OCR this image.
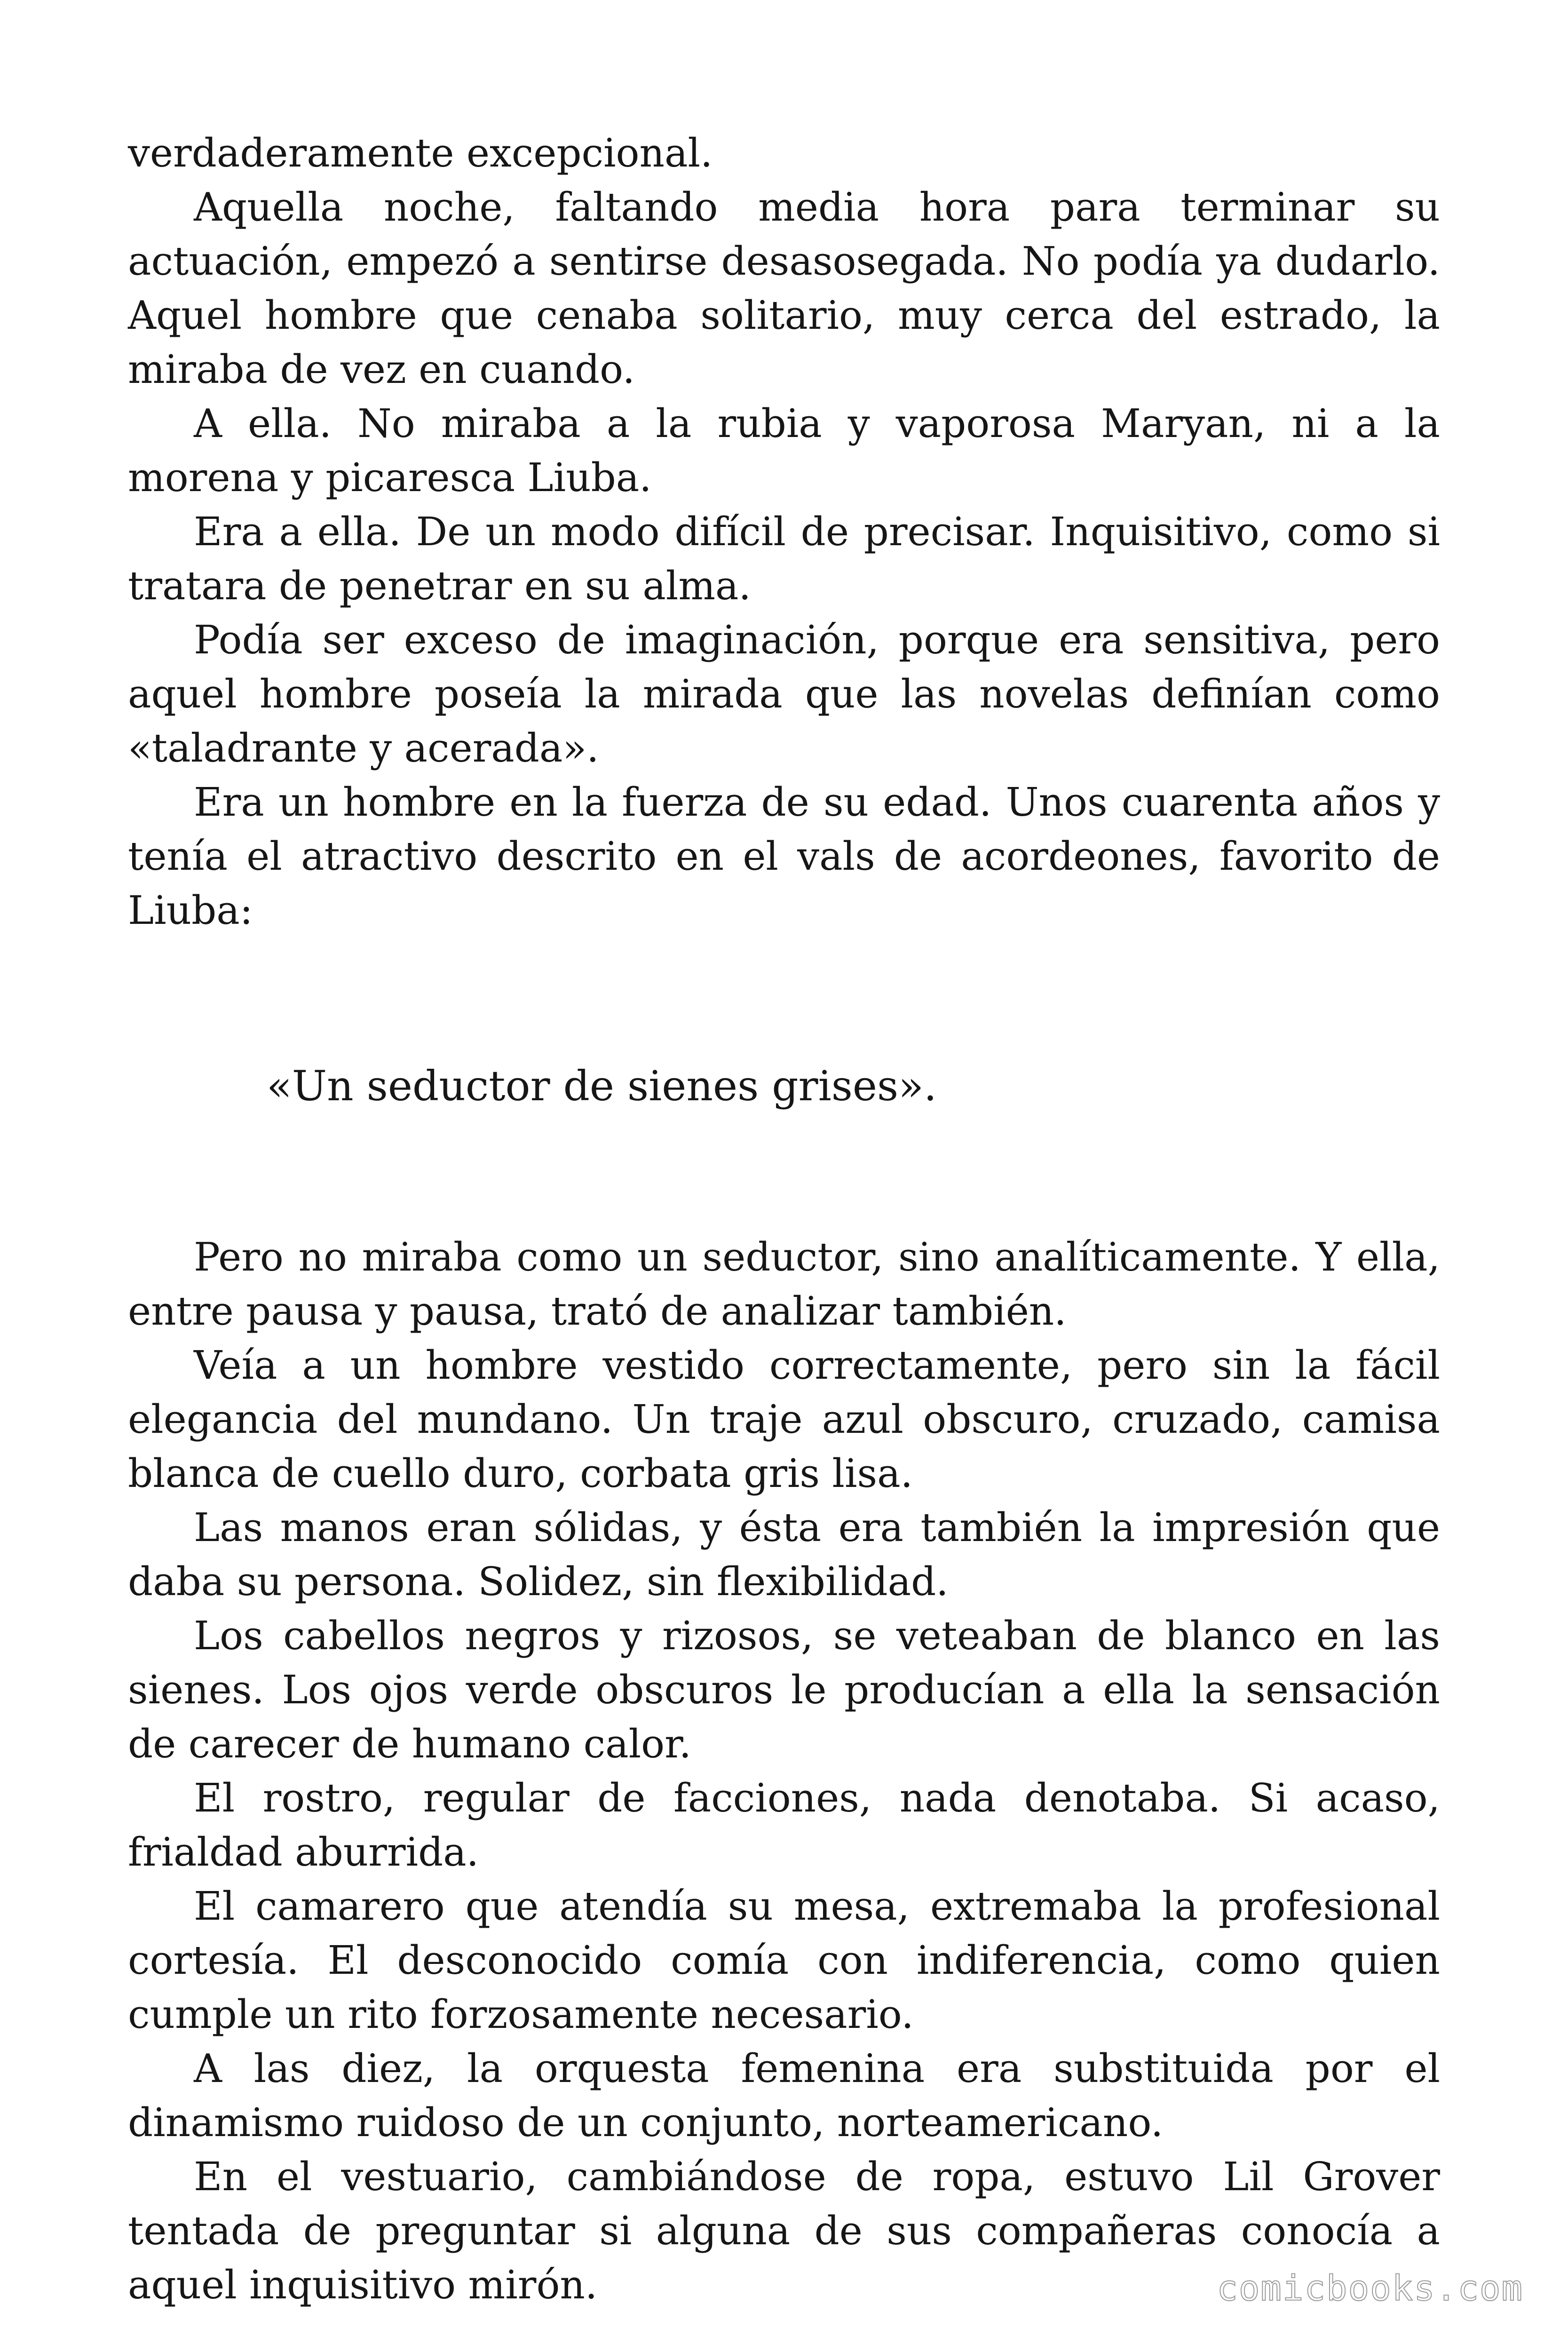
verdaderamente excepcional.

Aquella noche, faltando media hora para terminar su actuación, empezó a sentirse desasosegada. No podía ya dudarlo. Aquel hombre que cenaba solitario, muy cerca del estrado, la miraba de vez en cuando.

A ella. No miraba a la rubia y vaporosa Maryan, ni a la morena y picaresca Liuba.

Era a ella. De un modo difícil de precisar. Inquisitivo, como si tratara de penetrar en su alma.

Podía ser exceso de imaginación, porque era sensitiva, pero aquel hombre poseía la mirada que las novelas definían como «taladrante y acerada».

Era un hombre en la fuerza de su edad. Unos cuarenta años y tenía el atractivo descrito en el vals de acordeones, favorito de Liuba:

«Un seductor de sienes grises».

Pero no miraba como un seductor, sino analíticamente. Y ella, entre pausa y pausa, trató de analizar también.

Veía a un hombre vestido correctamente, pero sin la fácil elegancia del mundano. Un traje azul obscuro, cruzado, camisa blanca de cuello duro, corbata gris lisa.

Las manos eran sólidas, y ésta era también la impresión que daba su persona. Solidez, sin flexibilidad.

Los cabellos negros y rizosos, se veteaban de blanco en las sienes. Los ojos verde obscuros le producían a ella la sensación de carecer de humano calor.

El rostro, regular de facciones, nada denotaba. Si acaso, frialdad aburrida.

El camarero que atendía su mesa, extremaba la profesional cortesía. El desconocido comía con indiferencia, como quien cumple un rito forzosamente necesario.

A las diez, la orquesta femenina era substituida por el dinamismo ruidoso de un conjunto, norteamericano.

En el vestuario, cambiándose de ropa, estuvo Lil Grover tentada de preguntar si alguna de sus compañeras conocía a aquel inquisitivo mirón.	comicbooks.com
